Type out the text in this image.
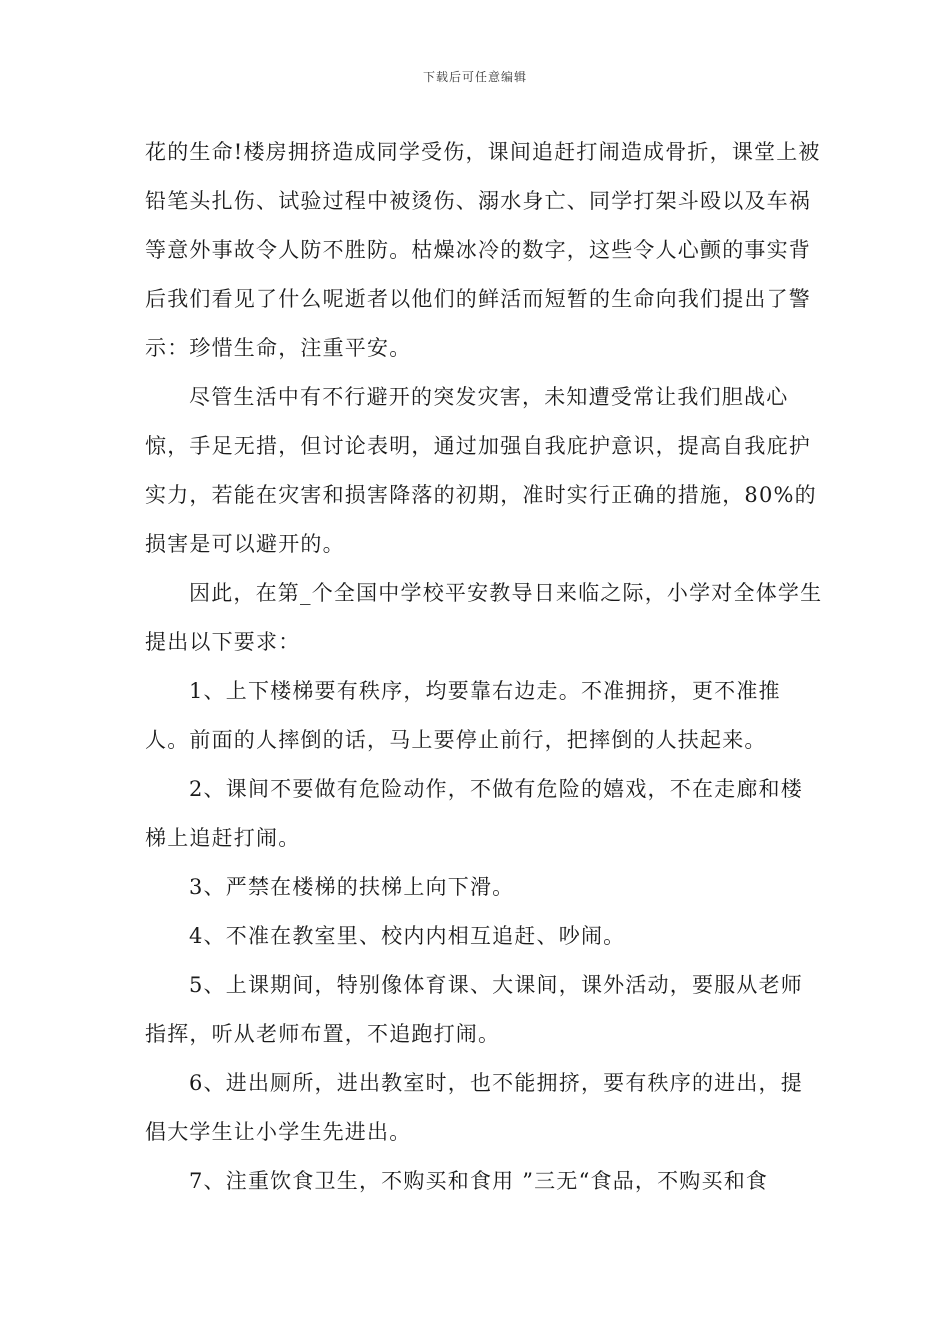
下载后可任意编辑

花的生命!楼房拥挤造成同学受伤，课间追赶打闹造成骨折，课堂上被铅笔头扎伤、试验过程中被烫伤、溺水身亡、同学打架斗殴以及车祸等意外事故令人防不胜防。枯燥冰冷的数字，这些令人心颤的事实背后我们看见了什么呢逝者以他们的鲜活而短暂的生命向我们提出了警示：珍惜生命，注重平安。

尽管生活中有不行避开的突发灾害，未知遭受常让我们胆战心惊，手足无措，但讨论表明，通过加强自我庇护意识，提高自我庇护实力，若能在灾害和损害降落的初期，准时实行正确的措施，80%的损害是可以避开的。

因此，在第_个全国中学校平安教导日来临之际，小学对全体学生提出以下要求：

1、上下楼梯要有秩序，均要靠右边走。不准拥挤，更不准推人。前面的人摔倒的话，马上要停止前行，把摔倒的人扶起来。

2、课间不要做有危险动作，不做有危险的嬉戏，不在走廊和楼梯上追赶打闹。

3、严禁在楼梯的扶梯上向下滑。

4、不准在教室里、校内内相互追赶、吵闹。

5、上课期间，特别像体育课、大课间，课外活动，要服从老师指挥，听从老师布置，不追跑打闹。

6、进出厕所，进出教室时，也不能拥挤，要有秩序的进出，提倡大学生让小学生先进出。

7、注重饮食卫生，不购买和食用 ”三无“食品，不购买和食
